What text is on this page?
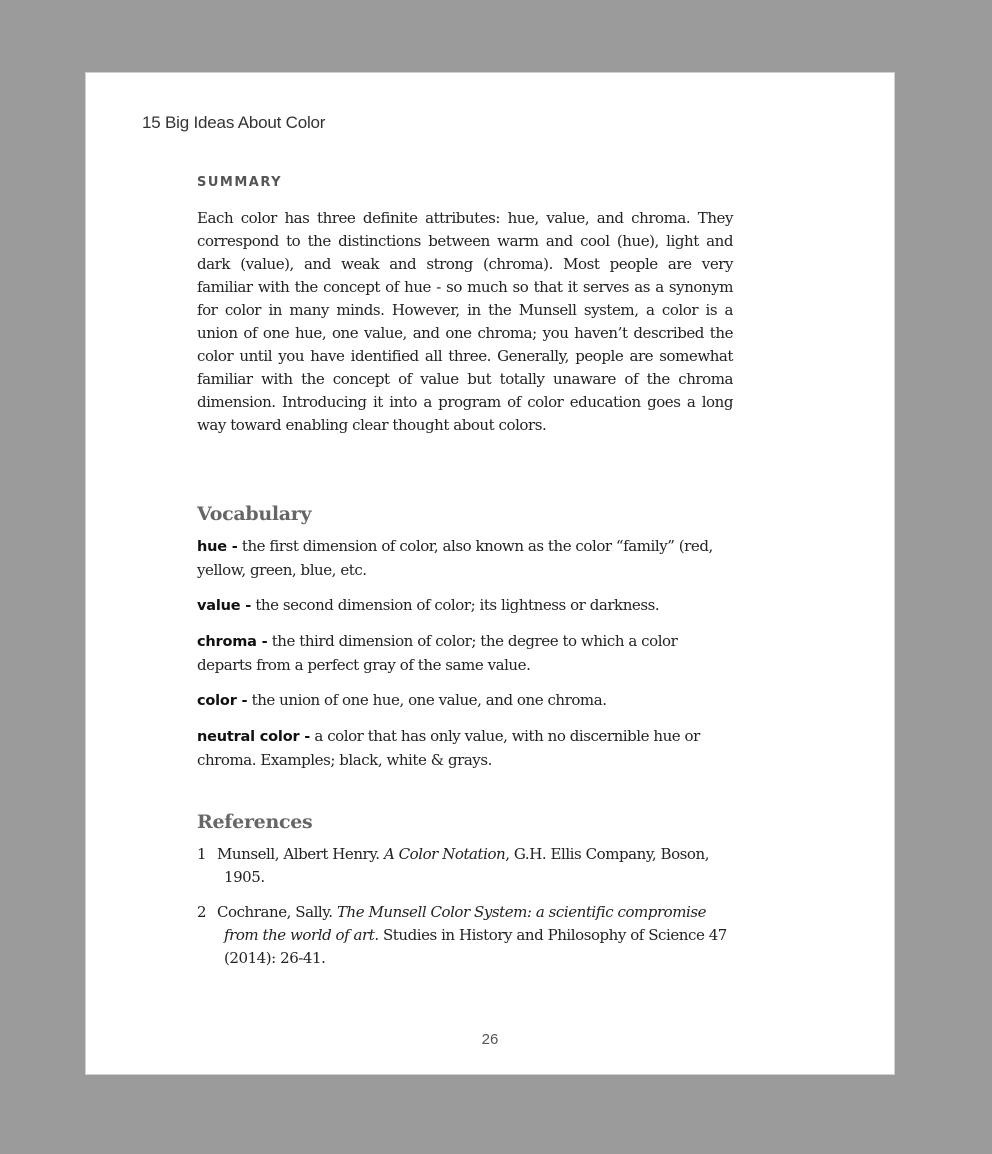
15 Big Ideas About Color
SUMMARY

Each color has three definite attributes: hue, value, and chroma. They correspond to the distinctions between warm and cool (hue), light and dark (value), and weak and strong (chroma). Most people are very familiar with the concept of hue - so much so that it serves as a synonym for color in many minds. However, in the Munsell system, a color is a union of one hue, one value, and one chroma; you haven’t described the color until you have identified all three. Generally, people are somewhat familiar with the concept of value but totally unaware of the chroma dimension. Introducing it into a program of color education goes a long way toward enabling clear thought about colors.

Vocabulary

hue - the first dimension of color, also known as the color “family” (red, yellow, green, blue, etc.

value - the second dimension of color; its lightness or darkness.

chroma - the third dimension of color; the degree to which a color departs from a perfect gray of the same value.

color - the union of one hue, one value, and one chroma.

neutral color - a color that has only value, with no discernible hue or chroma. Examples; black, white & grays.

References

1 Munsell, Albert Henry. A Color Notation, G.H. Ellis Company, Boson, 1905.

2 Cochrane, Sally. The Munsell Color System: a scientific compromise from the world of art. Studies in History and Philosophy of Science 47 (2014): 26-41.

26
